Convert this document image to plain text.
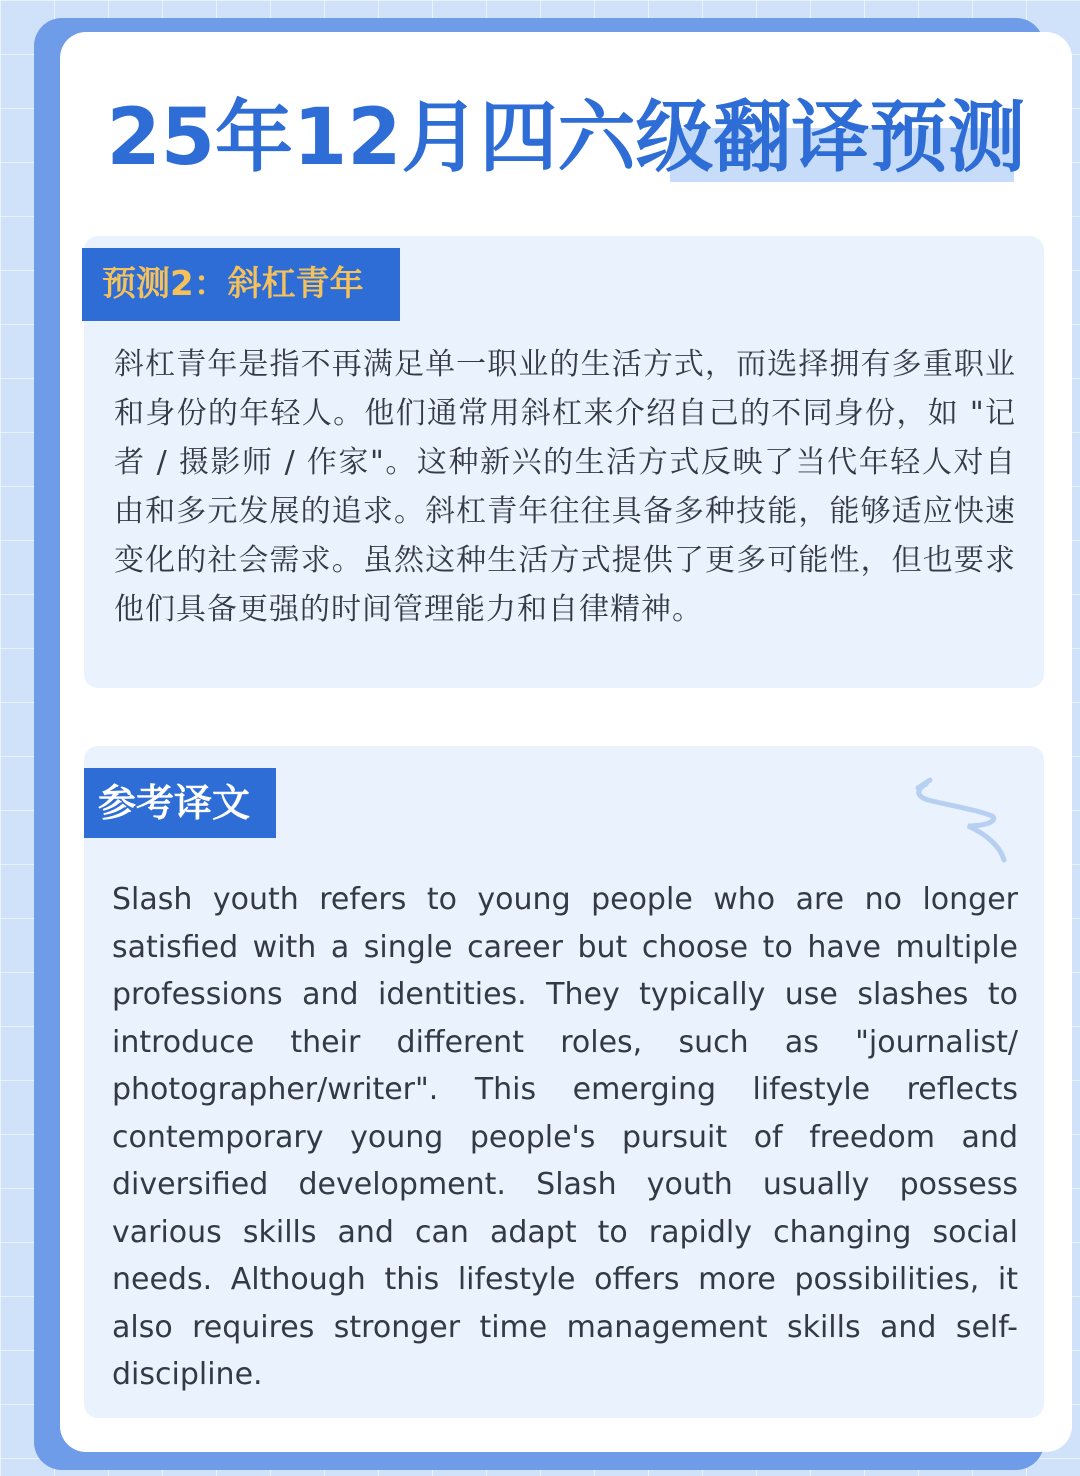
25年12月四六级翻译预测
预测2：斜杠青年

斜杠青年是指不再满足单一职业的生活方式，而选择拥有多重职业和身份的年轻人。他们通常用斜杠来介绍自己的不同身份，如 "记者 / 摄影师 / 作家"。这种新兴的生活方式反映了当代年轻人对自由和多元发展的追求。斜杠青年往往具备多种技能，能够适应快速变化的社会需求。虽然这种生活方式提供了更多可能性，但也要求他们具备更强的时间管理能力和自律精神。

参考译文

Slash youth refers to young people who are no longer satisfied with a single career but choose to have multiple professions and identities. They typically use slashes to introduce their different roles, such as "journalist/ photographer/writer". This emerging lifestyle reflects contemporary young people's pursuit of freedom and diversified development. Slash youth usually possess various skills and can adapt to rapidly changing social needs. Although this lifestyle offers more possibilities, it also requires stronger time management skills and self-discipline.
